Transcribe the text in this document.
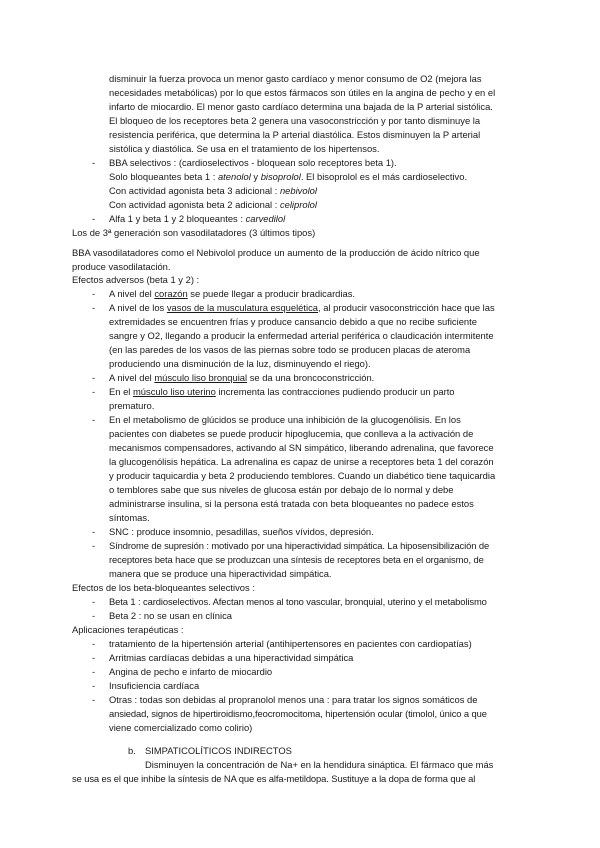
disminuir la fuerza provoca un menor gasto cardíaco y menor consumo de O2 (mejora las
necesidades metabólicas) por lo que estos fármacos son útiles en la angina de pecho y en el
infarto de miocardio. El menor gasto cardíaco determina una bajada de la P arterial sistólica.
El bloqueo de los receptores beta 2 genera una vasoconstricción y por tanto disminuye la
resistencia periférica, que determina la P arterial diastólica. Estos disminuyen la P arterial
sistólica y diastólica. Se usa en el tratamiento de los hipertensos.
- BBA selectivos : (cardioselectivos - bloquean solo receptores beta 1).
Solo bloqueantes beta 1 : atenolol y bisoprolol. El bisoprolol es el más cardioselectivo.
Con actividad agonista beta 3 adicional : nebivolol
Con actividad agonista beta 2 adicional : celiprolol
- Alfa 1 y beta 1 y 2 bloqueantes : carvedilol
Los de 3ª generación son vasodilatadores (3 últimos tipos)
BBA vasodilatadores como el Nebivolol produce un aumento de la producción de ácido nítrico que
produce vasodilatación.
Efectos adversos (beta 1 y 2) :
- A nivel del corazón se puede llegar a producir bradicardias.
- A nivel de los vasos de la musculatura esquelética, al producir vasoconstricción hace que las
extremidades se encuentren frías y produce cansancio debido a que no recibe suficiente
sangre y O2, llegando a producir la enfermedad arterial periférica o claudicación intermitente
(en las paredes de los vasos de las piernas sobre todo se producen placas de ateroma
produciendo una disminución de la luz, disminuyendo el riego).
- A nivel del músculo liso bronquial se da una broncoconstricción.
- En el músculo liso uterino incrementa las contracciones pudiendo producir un parto
prematuro.
- En el metabolismo de glúcidos se produce una inhibición de la glucogenólisis. En los
pacientes con diabetes se puede producir hipoglucemia, que conlleva a la activación de
mecanismos compensadores, activando al SN simpático, liberando adrenalina, que favorece
la glucogenólisis hepática. La adrenalina es capaz de unirse a receptores beta 1 del corazón
y producir taquicardia y beta 2 produciendo temblores. Cuando un diabético tiene taquicardia
o temblores sabe que sus niveles de glucosa están por debajo de lo normal y debe
administrarse insulina, si la persona está tratada con beta bloqueantes no padece estos
síntomas.
- SNC : produce insomnio, pesadillas, sueños vívidos, depresión.
- Síndrome de supresión : motivado por una hiperactividad simpática. La hiposensibilización de
receptores beta hace que se produzcan una síntesis de receptores beta en el organismo, de
manera que se produce una hiperactividad simpática.
Efectos de los beta-bloqueantes selectivos :
- Beta 1 : cardioselectivos. Afectan menos al tono vascular, bronquial, uterino y el metabolismo
- Beta 2 : no se usan en clínica
Aplicaciones terapéuticas :
- tratamiento de la hipertensión arterial (antihipertensores en pacientes con cardiopatías)
- Arritmias cardíacas debidas a una hiperactividad simpática
- Angina de pecho e infarto de miocardio
- Insuficiencia cardíaca
- Otras : todas son debidas al propranolol menos una : para tratar los signos somáticos de
ansiedad, signos de hipertiroidismo,feocromocitoma, hipertensión ocular (timolol, único a que
viene comercializado como colirio)
b. SIMPATICOLÍTICOS INDIRECTOS
Disminuyen la concentración de Na+ en la hendidura sináptica. El fármaco que más
se usa es el que inhibe la síntesis de NA que es alfa-metildopa. Sustituye a la dopa de forma que al
